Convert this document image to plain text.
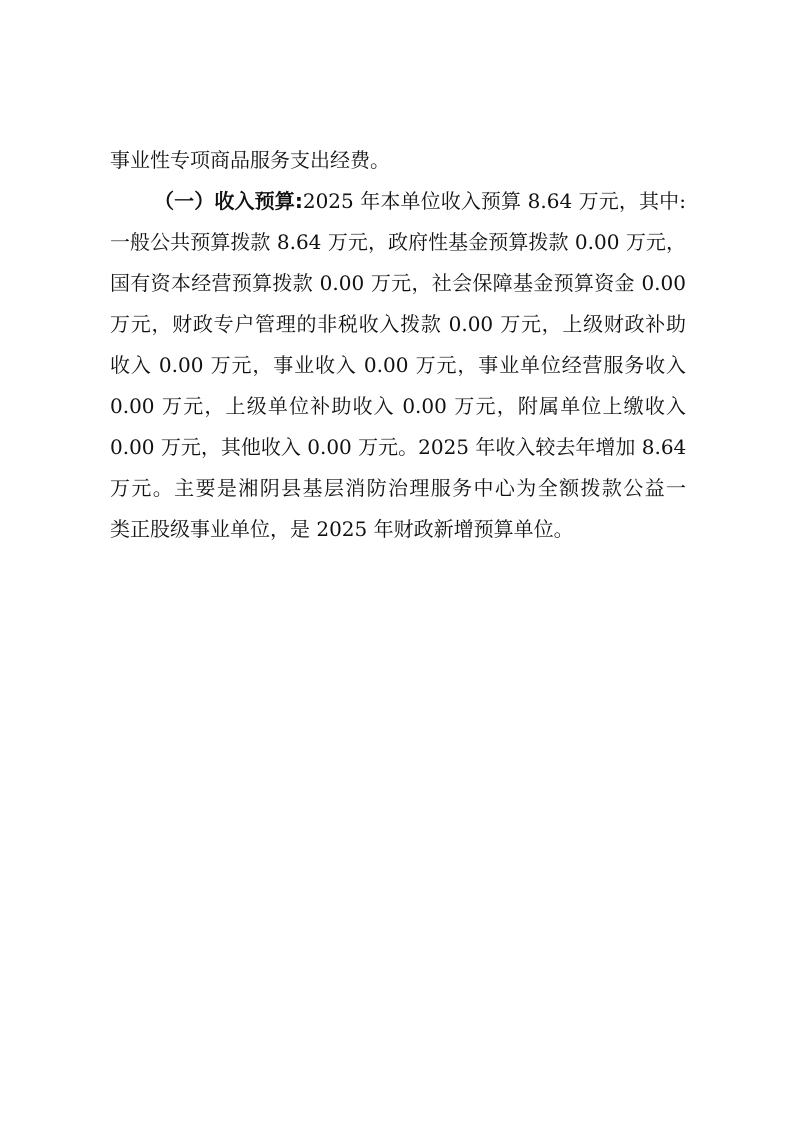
事业性专项商品服务支出经费。
（一）收入预算:2025 年本单位收入预算 8.64 万元，其中:
一般公共预算拨款 8.64 万元，政府性基金预算拨款 0.00 万元，
国有资本经营预算拨款 0.00 万元，社会保障基金预算资金 0.00
万元，财政专户管理的非税收入拨款 0.00 万元，上级财政补助
收入 0.00 万元，事业收入 0.00 万元，事业单位经营服务收入
0.00 万元，上级单位补助收入 0.00 万元，附属单位上缴收入
0.00 万元，其他收入 0.00 万元。2025 年收入较去年增加 8.64
万元。主要是湘阴县基层消防治理服务中心为全额拨款公益一
类正股级事业单位，是 2025 年财政新增预算单位。
